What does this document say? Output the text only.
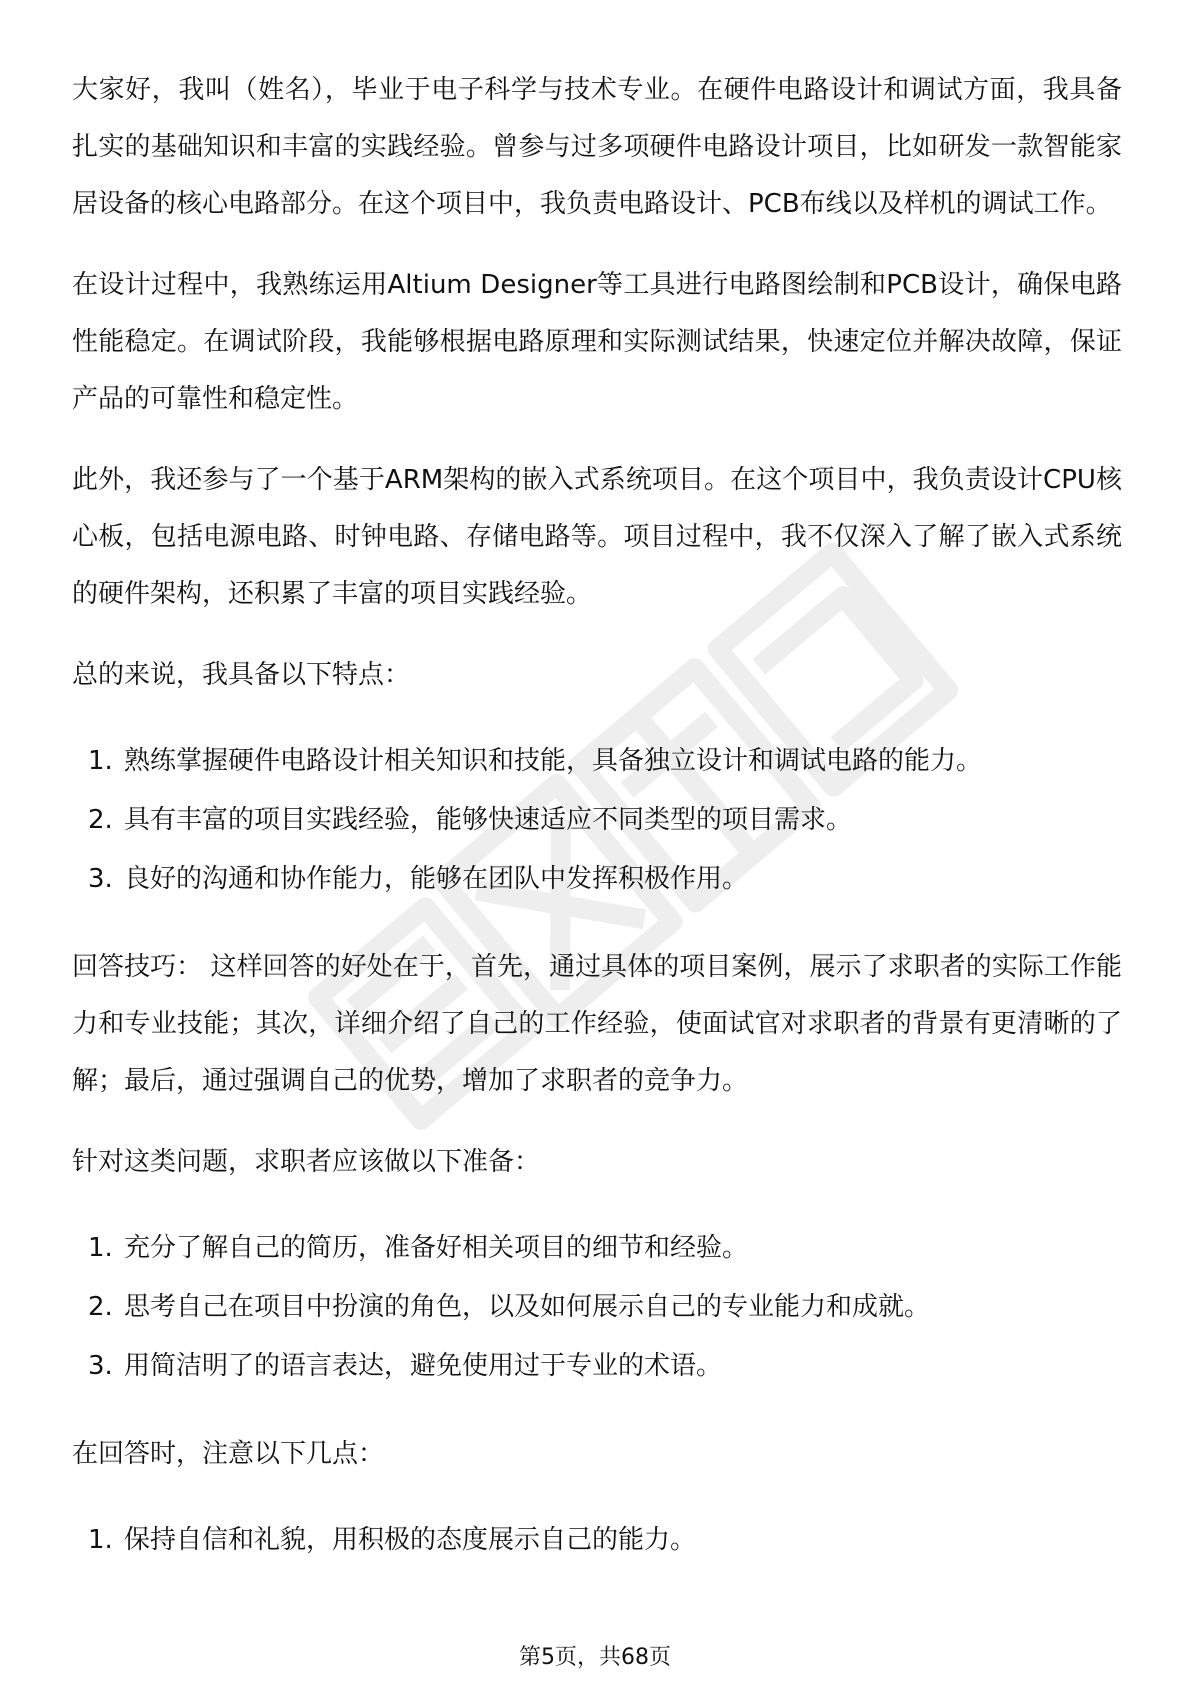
大家好，我叫（姓名），毕业于电子科学与技术专业。在硬件电路设计和调试方面，我具备扎实的基础知识和丰富的实践经验。曾参与过多项硬件电路设计项目，比如研发一款智能家居设备的核心电路部分。在这个项目中，我负责电路设计、PCB布线以及样机的调试工作。

在设计过程中，我熟练运用Altium Designer等工具进行电路图绘制和PCB设计，确保电路性能稳定。在调试阶段，我能够根据电路原理和实际测试结果，快速定位并解决故障，保证产品的可靠性和稳定性。

此外，我还参与了一个基于ARM架构的嵌入式系统项目。在这个项目中，我负责设计CPU核心板，包括电源电路、时钟电路、存储电路等。项目过程中，我不仅深入了解了嵌入式系统的硬件架构，还积累了丰富的项目实践经验。

总的来说，我具备以下特点：

1. 熟练掌握硬件电路设计相关知识和技能，具备独立设计和调试电路的能力。
2. 具有丰富的项目实践经验，能够快速适应不同类型的项目需求。
3. 良好的沟通和协作能力，能够在团队中发挥积极作用。

回答技巧： 这样回答的好处在于，首先，通过具体的项目案例，展示了求职者的实际工作能力和专业技能；其次，详细介绍了自己的工作经验，使面试官对求职者的背景有更清晰的了解；最后，通过强调自己的优势，增加了求职者的竞争力。

针对这类问题，求职者应该做以下准备：

1. 充分了解自己的简历，准备好相关项目的细节和经验。
2. 思考自己在项目中扮演的角色，以及如何展示自己的专业能力和成就。
3. 用简洁明了的语言表达，避免使用过于专业的术语。

在回答时，注意以下几点：

1. 保持自信和礼貌，用积极的态度展示自己的能力。
第5页，共68页
